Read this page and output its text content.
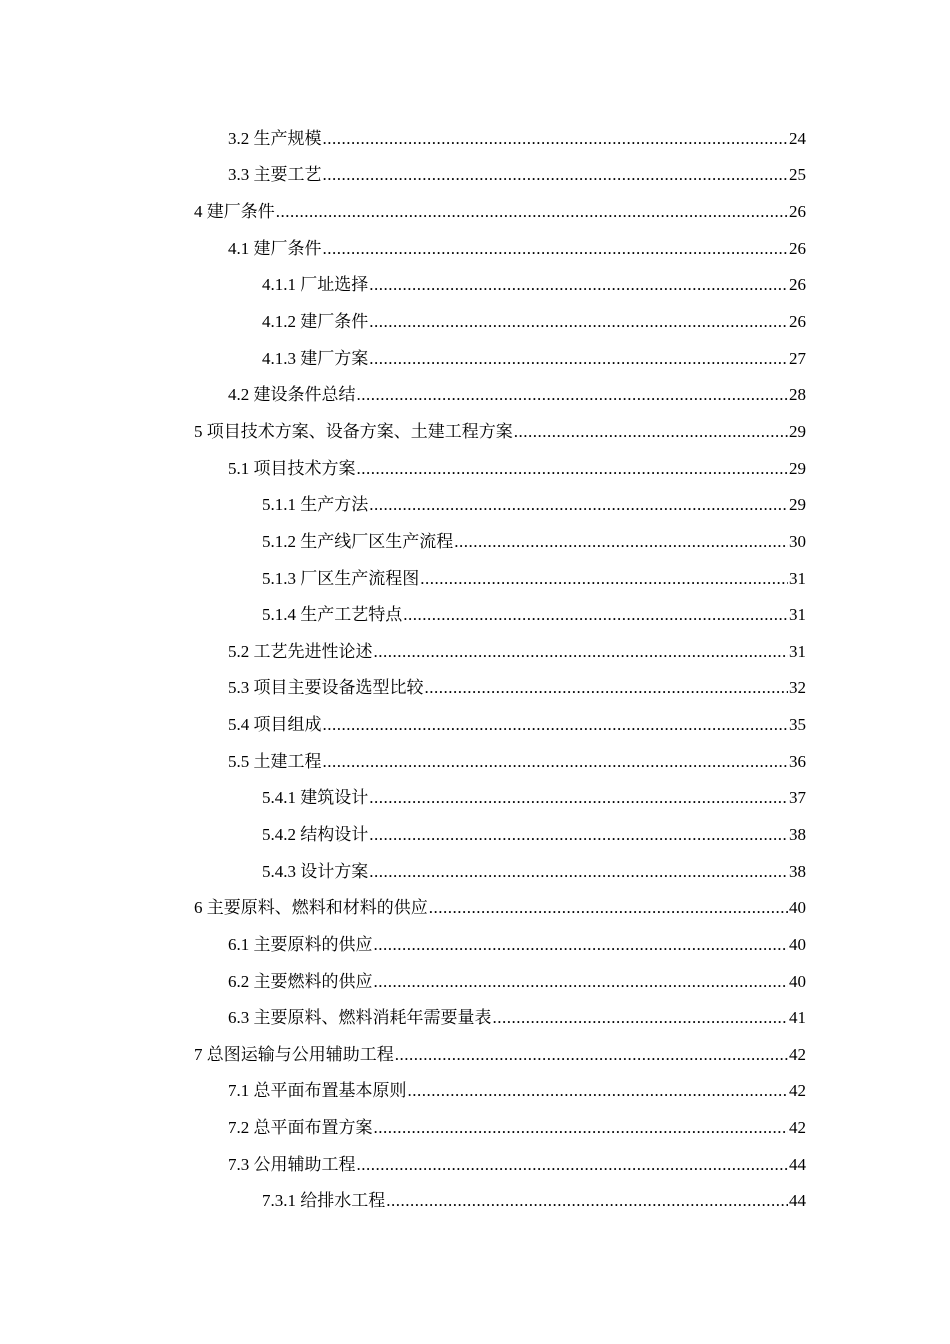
3.2 生产规模 .....	24
3.3 主要工艺 .....	25
4 建厂条件 .....	26
4.1 建厂条件 .....	26
4.1.1 厂址选择 .....	26
4.1.2 建厂条件 .....	26
4.1.3 建厂方案 .....	27
4.2 建设条件总结 .....	28
5 项目技术方案、设备方案、土建工程方案 .....	29
5.1 项目技术方案 .....	29
5.1.1 生产方法 .....	29
5.1.2 生产线厂区生产流程 .....	30
5.1.3 厂区生产流程图 .....	31
5.1.4 生产工艺特点 .....	31
5.2 工艺先进性论述 .....	31
5.3 项目主要设备选型比较 .....	32
5.4 项目组成 .....	35
5.5 土建工程 .....	36
5.4.1 建筑设计 .....	37
5.4.2 结构设计 .....	38
5.4.3 设计方案 .....	38
6 主要原料、燃料和材料的供应 .....	40
6.1 主要原料的供应 .....	40
6.2 主要燃料的供应 .....	40
6.3 主要原料、燃料消耗年需要量表 .....	41
7 总图运输与公用辅助工程 .....	42
7.1 总平面布置基本原则 .....	42
7.2 总平面布置方案 .....	42
7.3 公用辅助工程 .....	44
7.3.1 给排水工程 .....	44
